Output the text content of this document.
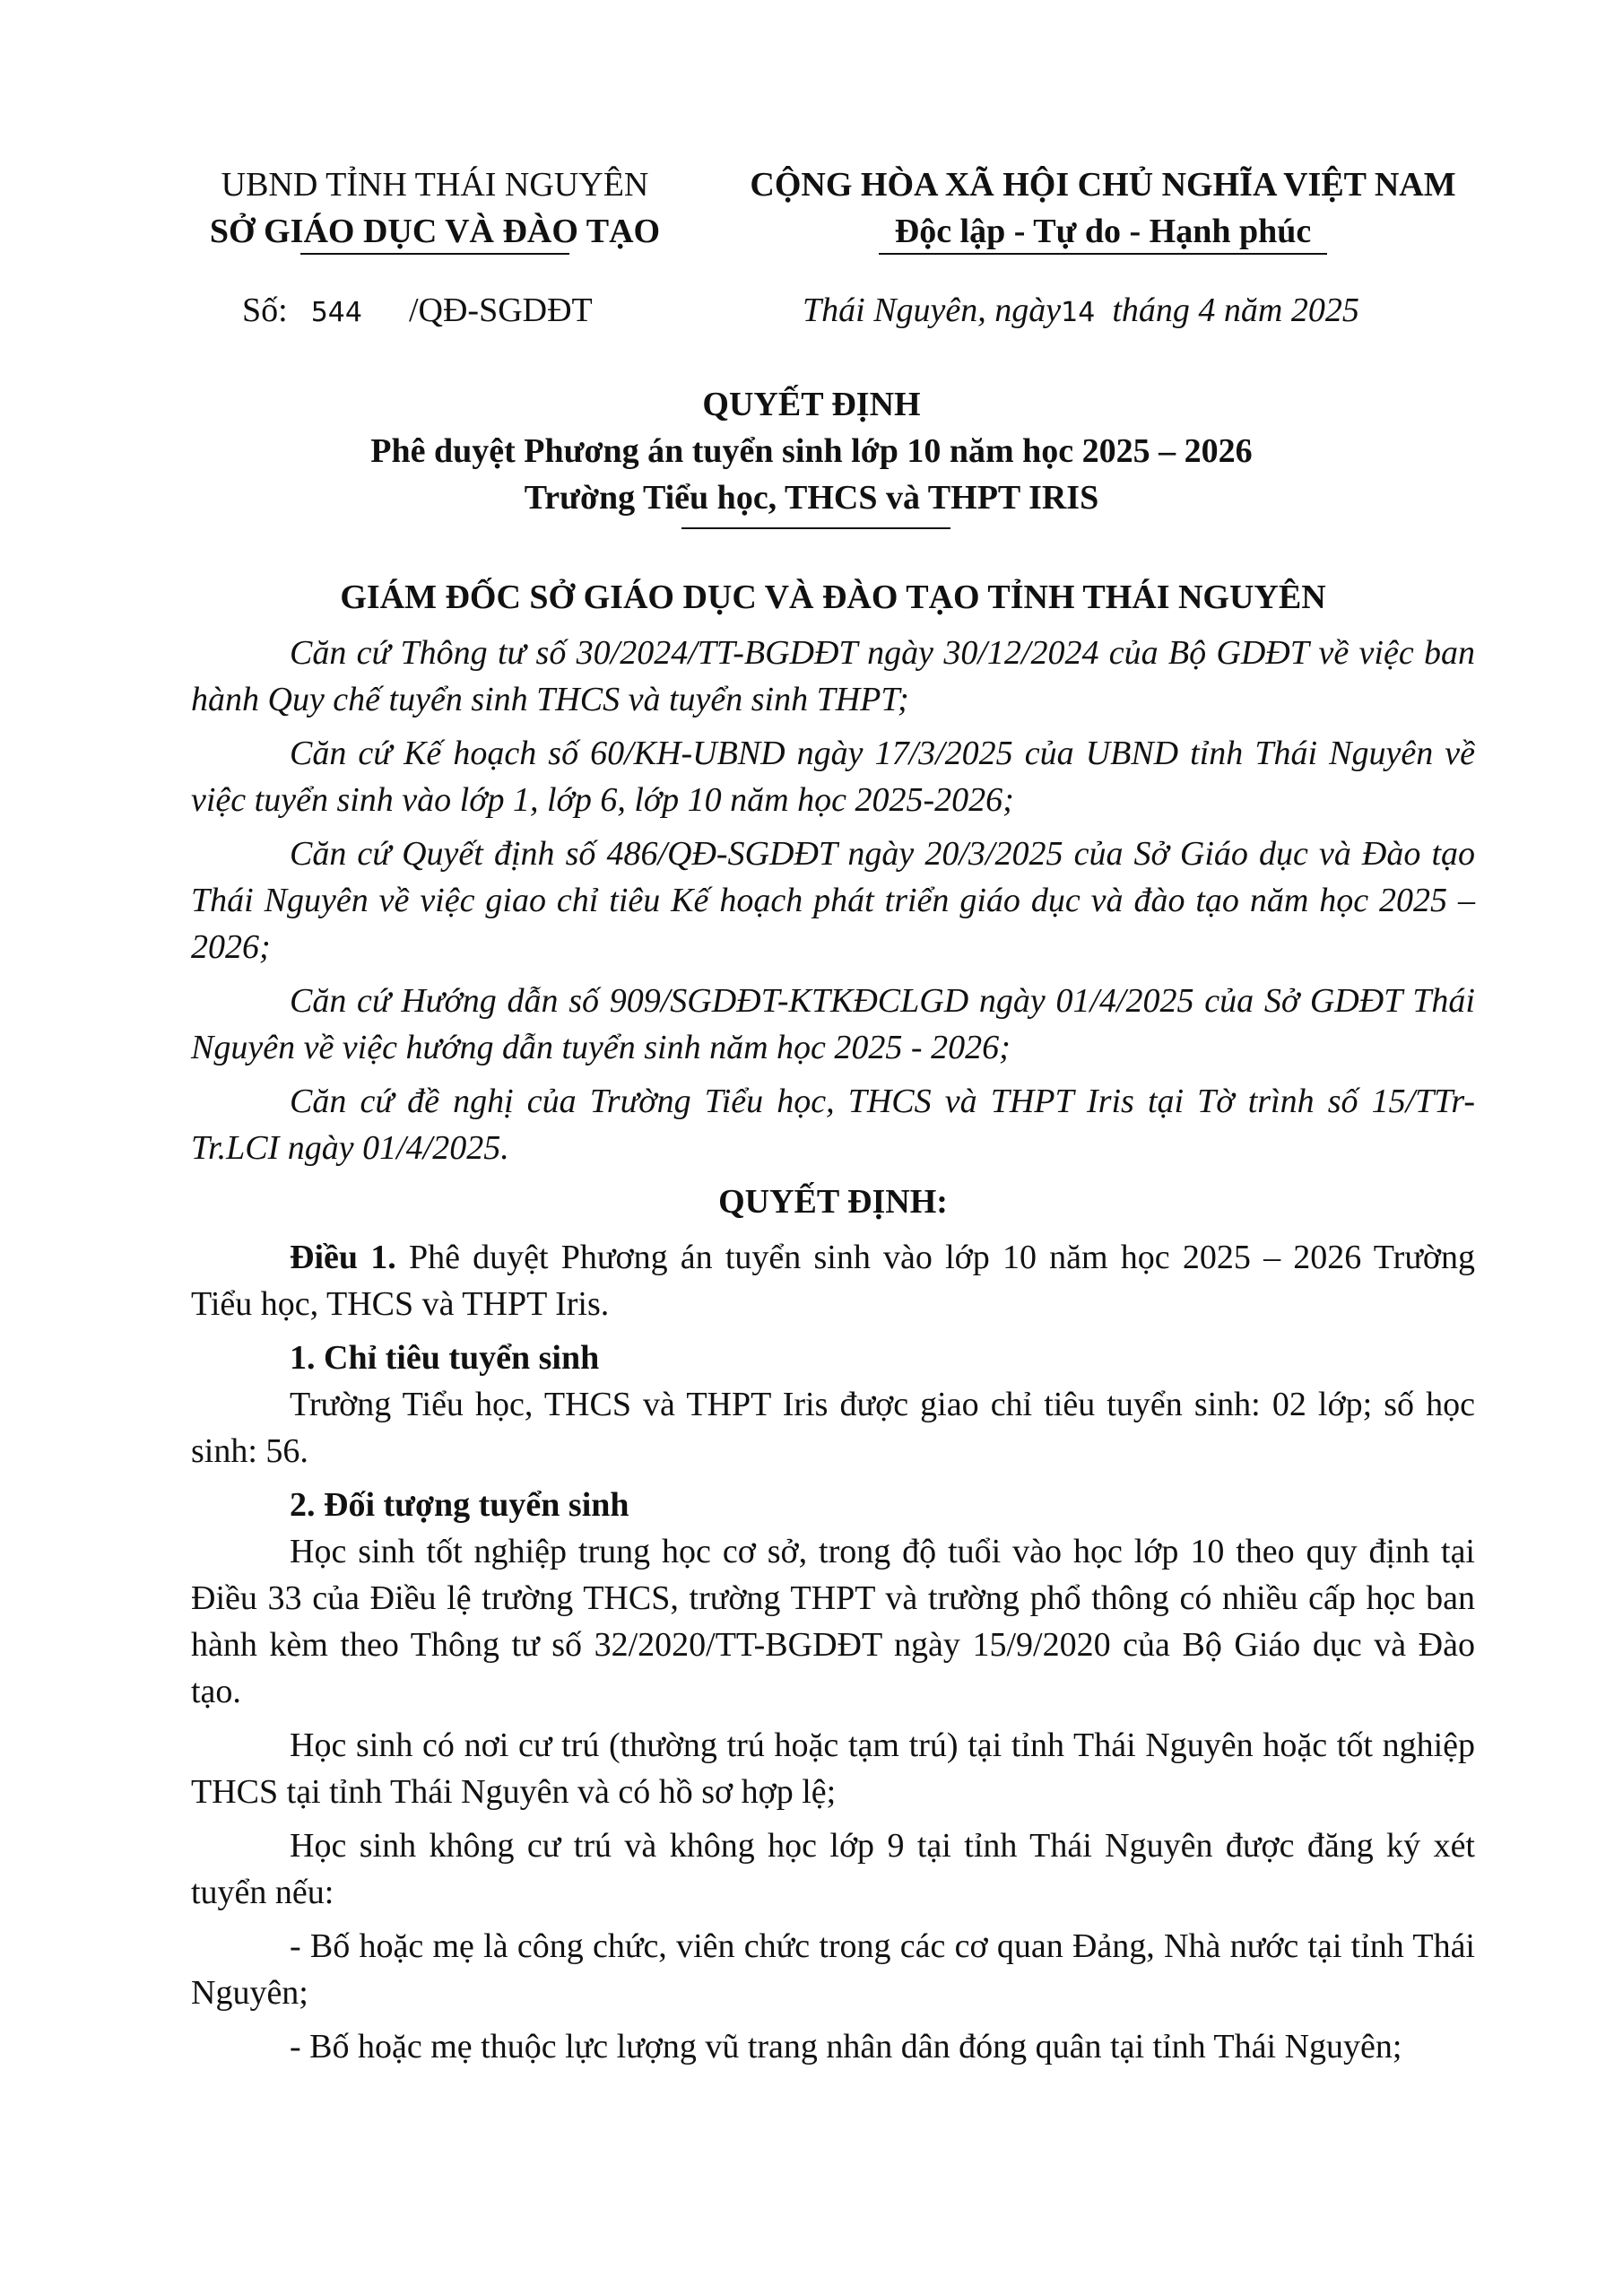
UBND TỈNH THÁI NGUYÊN
SỞ GIÁO DỤC VÀ ĐÀO TẠO
CỘNG HÒA XÃ HỘI CHỦ NGHĨA VIỆT NAM
Độc lập - Tự do - Hạnh phúc
Số: 544 /QĐ-SGDĐT	Thái Nguyên, ngày14 tháng 4 năm 2025
QUYẾT ĐỊNH
Phê duyệt Phương án tuyển sinh lớp 10 năm học 2025 – 2026
Trường Tiểu học, THCS và THPT IRIS
GIÁM ĐỐC SỞ GIÁO DỤC VÀ ĐÀO TẠO TỈNH THÁI NGUYÊN

Căn cứ Thông tư số 30/2024/TT-BGDĐT ngày 30/12/2024 của Bộ GDĐT về việc ban hành Quy chế tuyển sinh THCS và tuyển sinh THPT;

Căn cứ Kế hoạch số 60/KH-UBND ngày 17/3/2025 của UBND tỉnh Thái Nguyên về việc tuyển sinh vào lớp 1, lớp 6, lớp 10 năm học 2025-2026;

Căn cứ Quyết định số 486/QĐ-SGDĐT ngày 20/3/2025 của Sở Giáo dục và Đào tạo Thái Nguyên về việc giao chỉ tiêu Kế hoạch phát triển giáo dục và đào tạo năm học 2025 – 2026;

Căn cứ Hướng dẫn số 909/SGDĐT-KTKĐCLGD ngày 01/4/2025 của Sở GDĐT Thái Nguyên về việc hướng dẫn tuyển sinh năm học 2025 - 2026;

Căn cứ đề nghị của Trường Tiểu học, THCS và THPT Iris tại Tờ trình số 15/TTr-Tr.LCI ngày 01/4/2025.

QUYẾT ĐỊNH:

Điều 1. Phê duyệt Phương án tuyển sinh vào lớp 10 năm học 2025 – 2026 Trường Tiểu học, THCS và THPT Iris.

1. Chỉ tiêu tuyển sinh

Trường Tiểu học, THCS và THPT Iris được giao chỉ tiêu tuyển sinh: 02 lớp; số học sinh: 56.

2. Đối tượng tuyển sinh

Học sinh tốt nghiệp trung học cơ sở, trong độ tuổi vào học lớp 10 theo quy định tại Điều 33 của Điều lệ trường THCS, trường THPT và trường phổ thông có nhiều cấp học ban hành kèm theo Thông tư số 32/2020/TT-BGDĐT ngày 15/9/2020 của Bộ Giáo dục và Đào tạo.

Học sinh có nơi cư trú (thường trú hoặc tạm trú) tại tỉnh Thái Nguyên hoặc tốt nghiệp THCS tại tỉnh Thái Nguyên và có hồ sơ hợp lệ;

Học sinh không cư trú và không học lớp 9 tại tỉnh Thái Nguyên được đăng ký xét tuyển nếu:

- Bố hoặc mẹ là công chức, viên chức trong các cơ quan Đảng, Nhà nước tại tỉnh Thái Nguyên;

- Bố hoặc mẹ thuộc lực lượng vũ trang nhân dân đóng quân tại tỉnh Thái Nguyên;
